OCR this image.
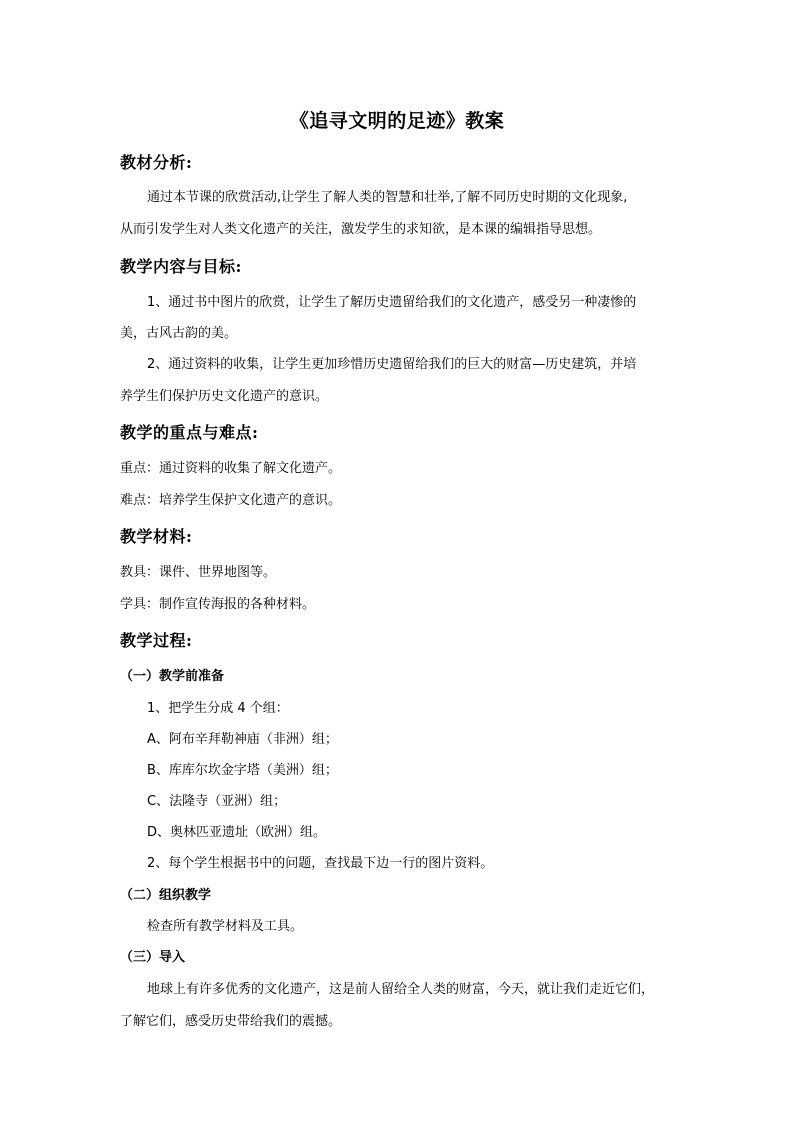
《追寻文明的足迹》教案
教材分析:
通过本节课的欣赏活动,让学生了解人类的智慧和壮举,了解不同历史时期的文化现象,
从而引发学生对人类文化遗产的关注，激发学生的求知欲，是本课的编辑指导思想。
教学内容与目标:
1、通过书中图片的欣赏，让学生了解历史遗留给我们的文化遗产，感受另一种凄惨的
美，古风古韵的美。
2、通过资料的收集，让学生更加珍惜历史遗留给我们的巨大的财富—历史建筑，并培
养学生们保护历史文化遗产的意识。
教学的重点与难点:
重点：通过资料的收集了解文化遗产。
难点：培养学生保护文化遗产的意识。
教学材料:
教具：课件、世界地图等。
学具：制作宣传海报的各种材料。
教学过程:
（一）教学前准备
1、把学生分成 4 个组：
A、阿布辛拜勒神庙（非洲）组；
B、库库尔坎金字塔（美洲）组；
C、法隆寺（亚洲）组；
D、奥林匹亚遗址（欧洲）组。
2、每个学生根据书中的问题，查找最下边一行的图片资料。
（二）组织教学
检查所有教学材料及工具。
（三）导入
地球上有许多优秀的文化遗产，这是前人留给全人类的财富，今天，就让我们走近它们，
了解它们，感受历史带给我们的震撼。
